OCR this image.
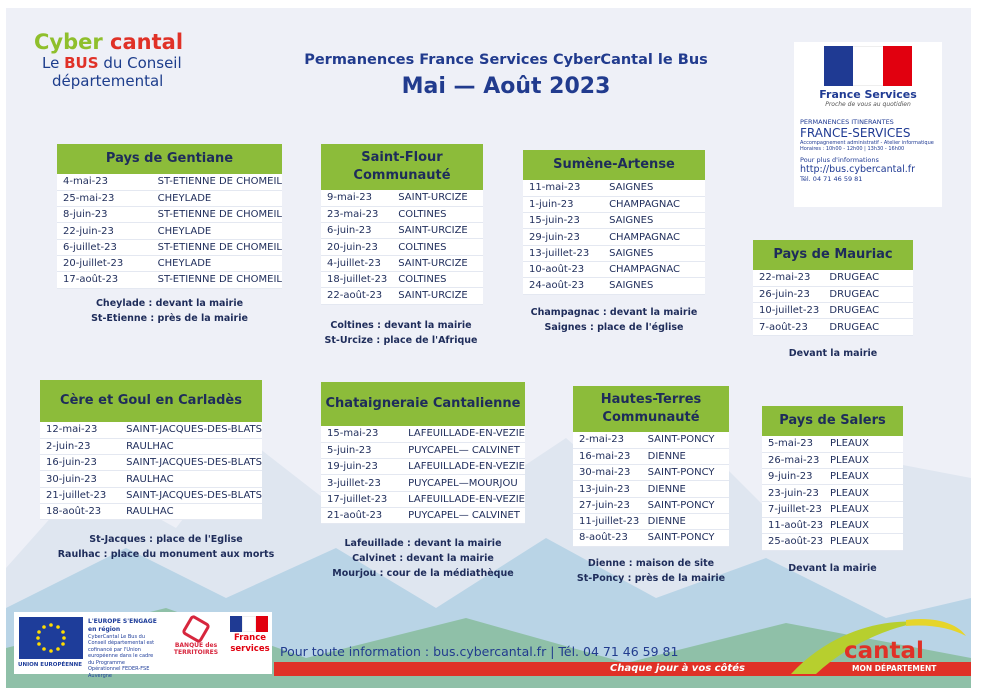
Cyber cantal
Le BUS du Conseil
départemental
Permanences France Services CyberCantal le Bus
Mai — Août 2023	France Services
Proche de vous au quotidien
PERMANENCES ITINERANTES
FRANCE-SERVICES
Accompagnement administratif - Atelier informatique
Horaires : 10h00 - 12h00 | 13h30 - 16h00
Pour plus d'informations
http://bus.cybercantal.fr
Tél. 04 71 46 59 81
Pays de Gentiane
4-mai-23	ST-ETIENNE DE CHOMEIL
25-mai-23	CHEYLADE
8-juin-23	ST-ETIENNE DE CHOMEIL
22-juin-23	CHEYLADE
6-juillet-23	ST-ETIENNE DE CHOMEIL
20-juillet-23	CHEYLADE
17-août-23	ST-ETIENNE DE CHOMEIL
Cheylade : devant la mairie
St-Etienne : près de la mairie
Saint-Flour Communauté
9-mai-23	SAINT-URCIZE
23-mai-23	COLTINES
6-juin-23	SAINT-URCIZE
20-juin-23	COLTINES
4-juillet-23	SAINT-URCIZE
18-juillet-23	COLTINES
22-août-23	SAINT-URCIZE
Coltines : devant la mairie
St-Urcize : place de l'Afrique
Sumène-Artense
11-mai-23	SAIGNES
1-juin-23	CHAMPAGNAC
15-juin-23	SAIGNES
29-juin-23	CHAMPAGNAC
13-juillet-23	SAIGNES
10-août-23	CHAMPAGNAC
24-août-23	SAIGNES
Champagnac : devant la mairie
Saignes : place de l'église
Pays de Mauriac
22-mai-23	DRUGEAC
26-juin-23	DRUGEAC
10-juillet-23	DRUGEAC
7-août-23	DRUGEAC
Devant la mairie
Cère et Goul en Carladès
12-mai-23	SAINT-JACQUES-DES-BLATS
2-juin-23	RAULHAC
16-juin-23	SAINT-JACQUES-DES-BLATS
30-juin-23	RAULHAC
21-juillet-23	SAINT-JACQUES-DES-BLATS
18-août-23	RAULHAC
St-Jacques : place de l'Eglise
Raulhac : place du monument aux morts
Chataigneraie Cantalienne
15-mai-23	LAFEUILLADE-EN-VEZIE
5-juin-23	PUYCAPEL— CALVINET
19-juin-23	LAFEUILLADE-EN-VEZIE
3-juillet-23	PUYCAPEL—MOURJOU
17-juillet-23	LAFEUILLADE-EN-VEZIE
21-août-23	PUYCAPEL— CALVINET
Lafeuillade : devant la mairie
Calvinet : devant la mairie
Mourjou : cour de la médiathèque
Hautes-Terres Communauté
2-mai-23	SAINT-PONCY
16-mai-23	DIENNE
30-mai-23	SAINT-PONCY
13-juin-23	DIENNE
27-juin-23	SAINT-PONCY
11-juillet-23	DIENNE
8-août-23	SAINT-PONCY
Dienne : maison de site
St-Poncy : près de la mairie
Pays de Salers
5-mai-23	PLEAUX
26-mai-23	PLEAUX
9-juin-23	PLEAUX
23-juin-23	PLEAUX
7-juillet-23	PLEAUX
11-août-23	PLEAUX
25-août-23	PLEAUX
Devant la mairie
UNION EUROPÉENNE
L'EUROPE S'ENGAGE en région
CyberCantal Le Bus du Conseil départemental est cofinancé par l'Union européenne dans le cadre du Programme Opérationnel FEDER-FSE Auvergne
BANQUE des
TERRITOIRES
France
services Pour toute information : bus.cybercantal.fr | Tél. 04 71 46 59 81
Chaque jour à vos côtés
cantal
MON DÉPARTEMENT
